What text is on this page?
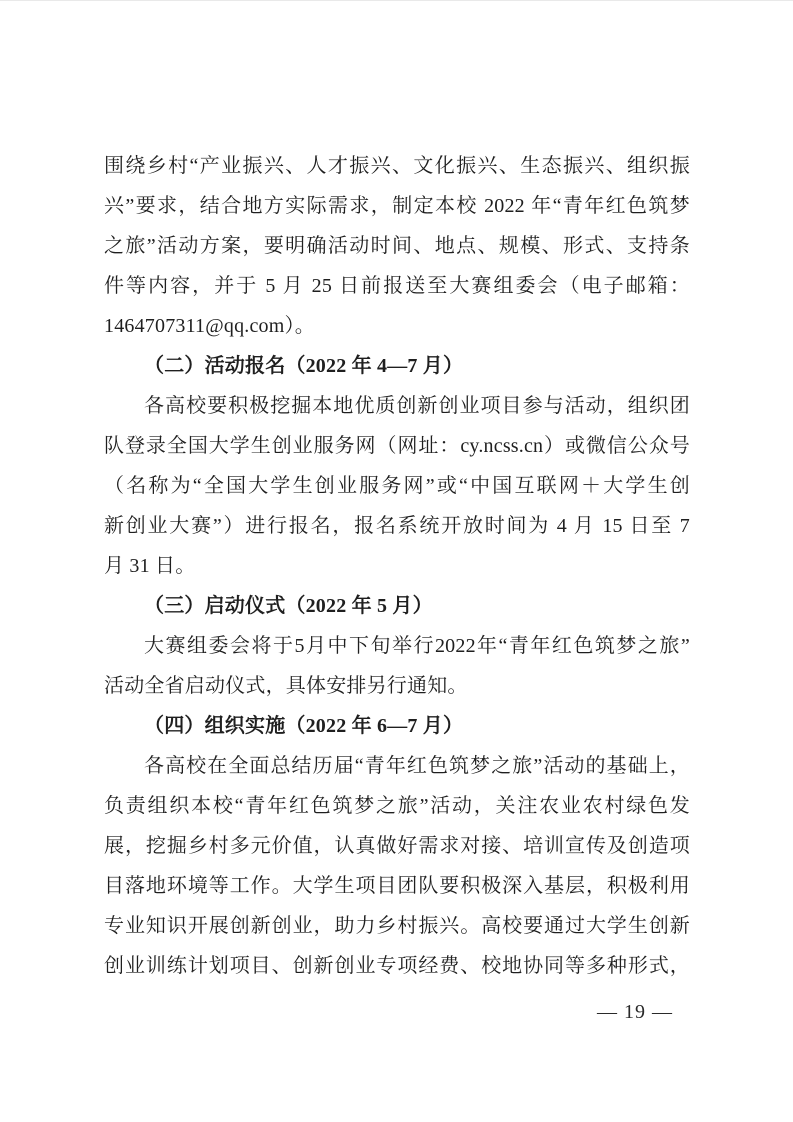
围绕乡村“产业振兴、人才振兴、文化振兴、生态振兴、组织振
兴”要求，结合地方实际需求，制定本校 2022 年“青年红色筑梦
之旅”活动方案，要明确活动时间、地点、规模、形式、支持条
件等内容，并于 5 月 25 日前报送至大赛组委会（电子邮箱：
1464707311@qq.com）。
（二）活动报名（2022 年 4—7 月）
各高校要积极挖掘本地优质创新创业项目参与活动，组织团
队登录全国大学生创业服务网（网址：cy.ncss.cn）或微信公众号
（名称为“全国大学生创业服务网”或“中国互联网＋大学生创
新创业大赛”）进行报名，报名系统开放时间为 4 月 15 日至 7
月 31 日。
（三）启动仪式（2022 年 5 月）
大赛组委会将于5月中下旬举行2022年“青年红色筑梦之旅”
活动全省启动仪式，具体安排另行通知。
（四）组织实施（2022 年 6—7 月）
各高校在全面总结历届“青年红色筑梦之旅”活动的基础上，
负责组织本校“青年红色筑梦之旅”活动，关注农业农村绿色发
展，挖掘乡村多元价值，认真做好需求对接、培训宣传及创造项
目落地环境等工作。大学生项目团队要积极深入基层，积极利用
专业知识开展创新创业，助力乡村振兴。高校要通过大学生创新
创业训练计划项目、创新创业专项经费、校地协同等多种形式，
— 19 —
